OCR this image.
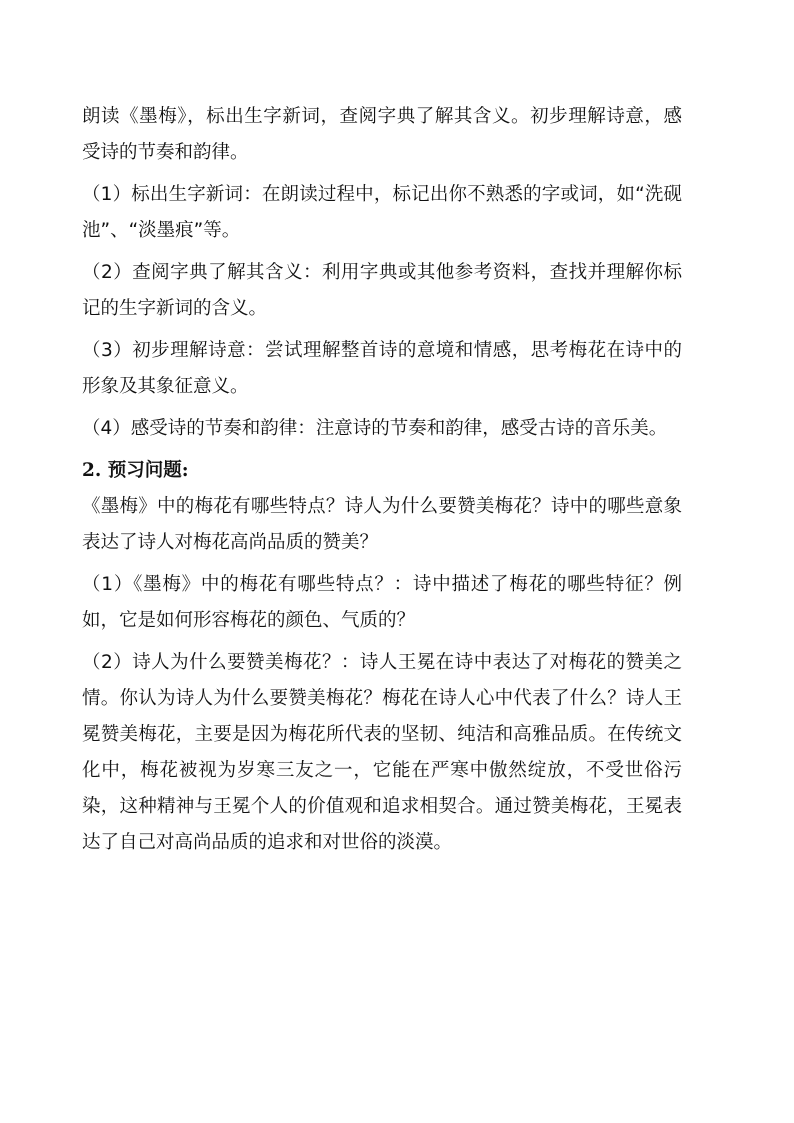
朗读《墨梅》，标出生字新词，查阅字典了解其含义。初步理解诗意，感受诗的节奏和韵律。

（1）标出生字新词：在朗读过程中，标记出你不熟悉的字或词，如“洗砚池”、“淡墨痕”等。

（2）查阅字典了解其含义：利用字典或其他参考资料，查找并理解你标记的生字新词的含义。

（3）初步理解诗意：尝试理解整首诗的意境和情感，思考梅花在诗中的形象及其象征意义。

（4）感受诗的节奏和韵律：注意诗的节奏和韵律，感受古诗的音乐美。

2. 预习问题:

《墨梅》中的梅花有哪些特点？诗人为什么要赞美梅花？诗中的哪些意象表达了诗人对梅花高尚品质的赞美？

（1）《墨梅》中的梅花有哪些特点？：诗中描述了梅花的哪些特征？例如，它是如何形容梅花的颜色、气质的？

（2）诗人为什么要赞美梅花？：诗人王冕在诗中表达了对梅花的赞美之情。你认为诗人为什么要赞美梅花？梅花在诗人心中代表了什么？诗人王冕赞美梅花，主要是因为梅花所代表的坚韧、纯洁和高雅品质。在传统文化中，梅花被视为岁寒三友之一，它能在严寒中傲然绽放，不受世俗污染，这种精神与王冕个人的价值观和追求相契合。通过赞美梅花，王冕表达了自己对高尚品质的追求和对世俗的淡漠。
